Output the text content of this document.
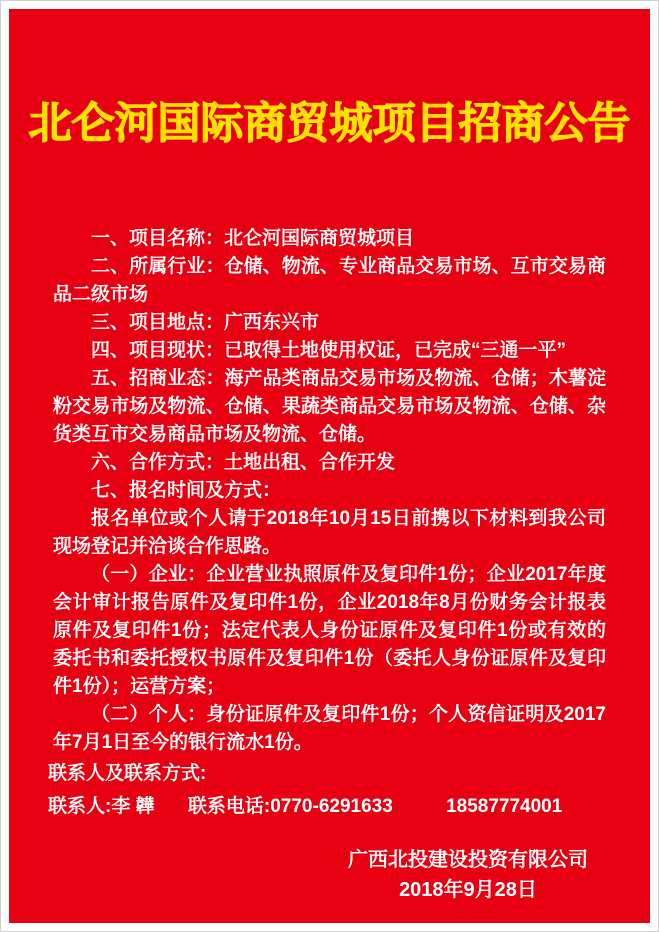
北仑河国际商贸城项目招商公告

一、项目名称：北仑河国际商贸城项目

二、所属行业：仓储、物流、专业商品交易市场、互市交易商品二级市场

三、项目地点：广西东兴市

四、项目现状：已取得土地使用权证，已完成“三通一平”

五、招商业态：海产品类商品交易市场及物流、仓储；木薯淀粉交易市场及物流、仓储、果蔬类商品交易市场及物流、仓储、杂货类互市交易商品市场及物流、仓储。

六、合作方式：土地出租、合作开发

七、报名时间及方式：

报名单位或个人请于2018年10月15日前携以下材料到我公司现场登记并洽谈合作思路。

（一）企业：企业营业执照原件及复印件1份；企业2017年度会计审计报告原件及复印件1份，企业2018年8月份财务会计报表原件及复印件1份；法定代表人身份证原件及复印件1份或有效的委托书和委托授权书原件及复印件1份（委托人身份证原件及复印件1份）；运营方案；

（二）个人：身份证原件及复印件1份；个人资信证明及2017年7月1日至今的银行流水1份。

联系人及联系方式:

联系人:李 韡 联系电话:0770-6291633	18587774001

广西北投建设投资有限公司

2018年9月28日
